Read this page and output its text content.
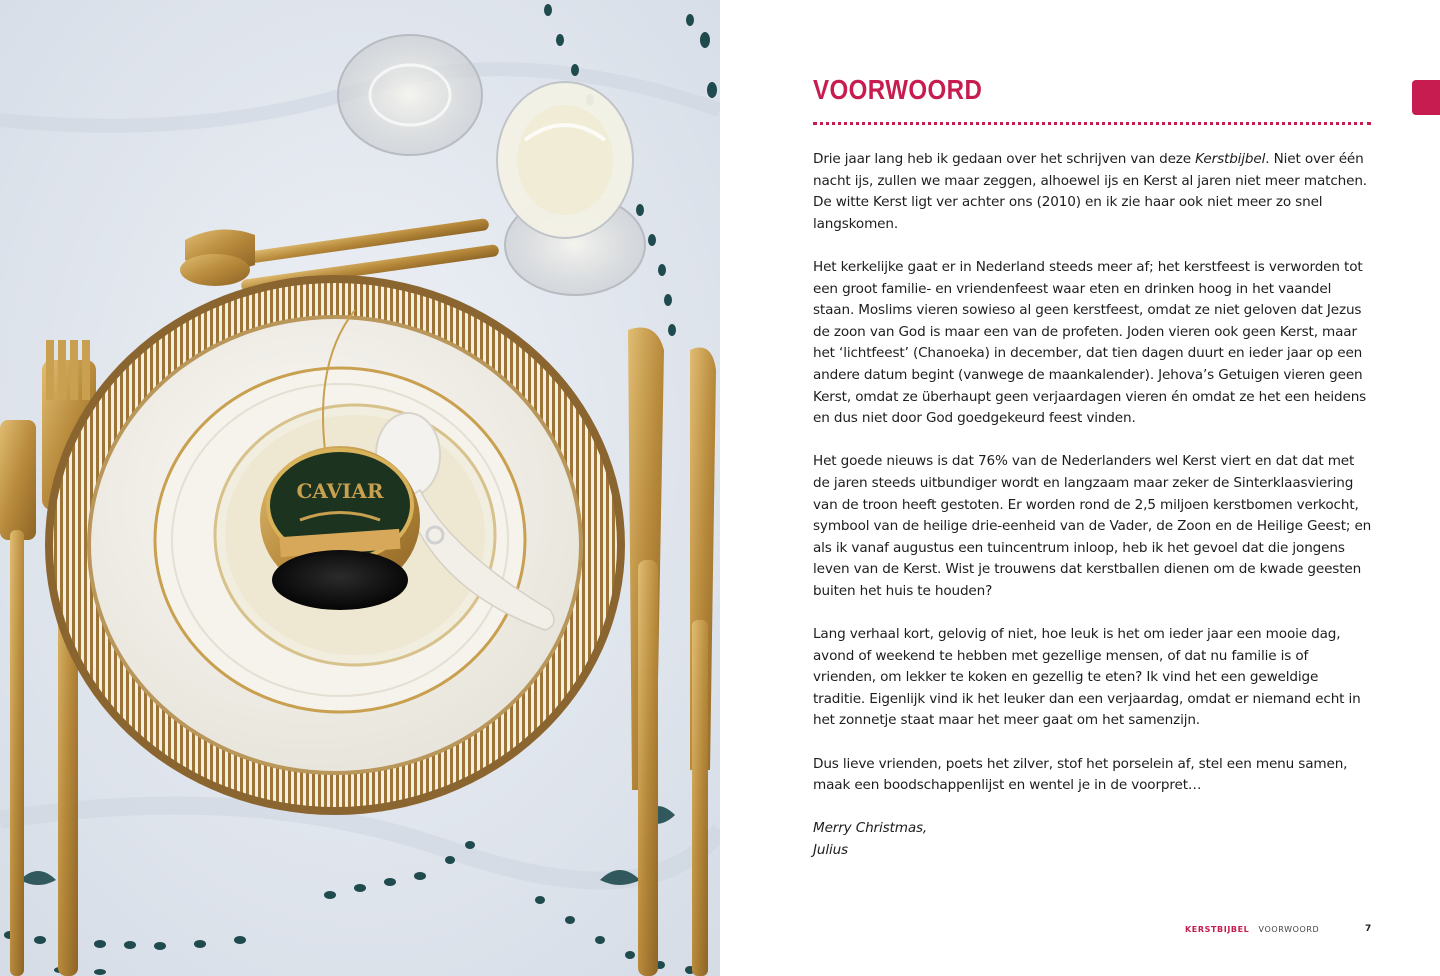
CAVIAR
VOORWOORD

Drie jaar lang heb ik gedaan over het schrijven van deze Kerstbijbel. Niet over één nacht ijs, zullen we maar zeggen, alhoewel ijs en Kerst al jaren niet meer matchen. De witte Kerst ligt ver achter ons (2010) en ik zie haar ook niet meer zo snel langskomen.

Het kerkelijke gaat er in Nederland steeds meer af; het kerstfeest is verworden tot een groot familie- en vriendenfeest waar eten en drinken hoog in het vaandel staan. Moslims vieren sowieso al geen kerstfeest, omdat ze niet geloven dat Jezus de zoon van God is maar een van de profeten. Joden vieren ook geen Kerst, maar het ‘lichtfeest’ (Chanoeka) in december, dat tien dagen duurt en ieder jaar op een andere datum begint (vanwege de maankalender). Jehova’s Getuigen vieren geen Kerst, omdat ze überhaupt geen verjaardagen vieren én omdat ze het een heidens en dus niet door God goedgekeurd feest vinden.

Het goede nieuws is dat 76% van de Nederlanders wel Kerst viert en dat dat met de jaren steeds uitbundiger wordt en langzaam maar zeker de Sinterklaasviering van de troon heeft gestoten. Er worden rond de 2,5 miljoen kerstbomen verkocht, symbool van de heilige drie-eenheid van de Vader, de Zoon en de Heilige Geest; en als ik vanaf augustus een tuincentrum inloop, heb ik het gevoel dat die jongens leven van de Kerst. Wist je trouwens dat kerstballen dienen om de kwade geesten buiten het huis te houden?

Lang verhaal kort, gelovig of niet, hoe leuk is het om ieder jaar een mooie dag, avond of weekend te hebben met gezellige mensen, of dat nu familie is of vrienden, om lekker te koken en gezellig te eten? Ik vind het een geweldige traditie. Eigenlijk vind ik het leuker dan een verjaardag, omdat er niemand echt in het zonnetje staat maar het meer gaat om het samenzijn.

Dus lieve vrienden, poets het zilver, stof het porselein af, stel een menu samen, maak een boodschappenlijst en wentel je in de voorpret…

Merry Christmas,

Julius

KERSTBIJBEL VOORWOORD	7
